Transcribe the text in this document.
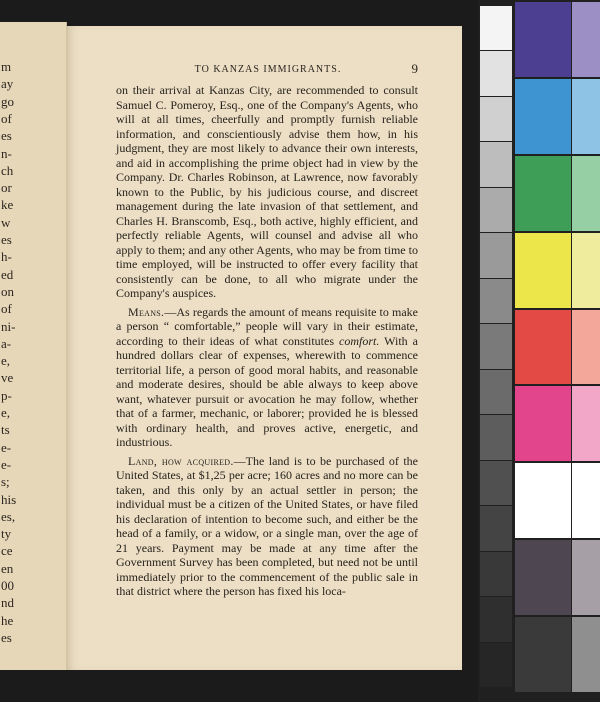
m
ay
go
of
es
n-
ch
or
ke
w
es
h-
ed
on
of
ni-
a-
e,
ve
p-
e,
ts
e-
e-
s;
his
es,
ty
ce
en
00
nd
he
es
TO KANZAS IMMIGRANTS.	9

on their arrival at Kanzas City, are recommended to consult Samuel C. Pomeroy, Esq., one of the Company's Agents, who will at all times, cheerfully and promptly furnish reliable information, and conscientiously advise them how, in his judgment, they are most likely to advance their own interests, and aid in accomplishing the prime object had in view by the Company. Dr. Charles Robinson, at Lawrence, now favorably known to the Public, by his judicious course, and discreet management during the late invasion of that settlement, and Charles H. Branscomb, Esq., both active, highly efficient, and perfectly reliable Agents, will counsel and advise all who apply to them; and any other Agents, who may be from time to time employed, will be instructed to offer every facility that consistently can be done, to all who migrate under the Company's auspices.

Means.—As regards the amount of means requisite to make a person “ comfortable,” people will vary in their estimate, according to their ideas of what constitutes comfort. With a hundred dollars clear of expenses, wherewith to commence territorial life, a person of good moral habits, and reasonable and moderate desires, should be able always to keep above want, whatever pursuit or avocation he may follow, whether that of a farmer, mechanic, or laborer; provided he is blessed with ordinary health, and proves active, energetic, and industrious.

Land, how acquired.—The land is to be purchased of the United States, at $1,25 per acre; 160 acres and no more can be taken, and this only by an actual settler in person; the individual must be a citizen of the United States, or have filed his declaration of intention to become such, and either be the head of a family, or a widow, or a single man, over the age of 21 years. Payment may be made at any time after the Government Survey has been completed, but need not be until immediately prior to the commencement of the public sale in that district where the person has fixed his loca-
